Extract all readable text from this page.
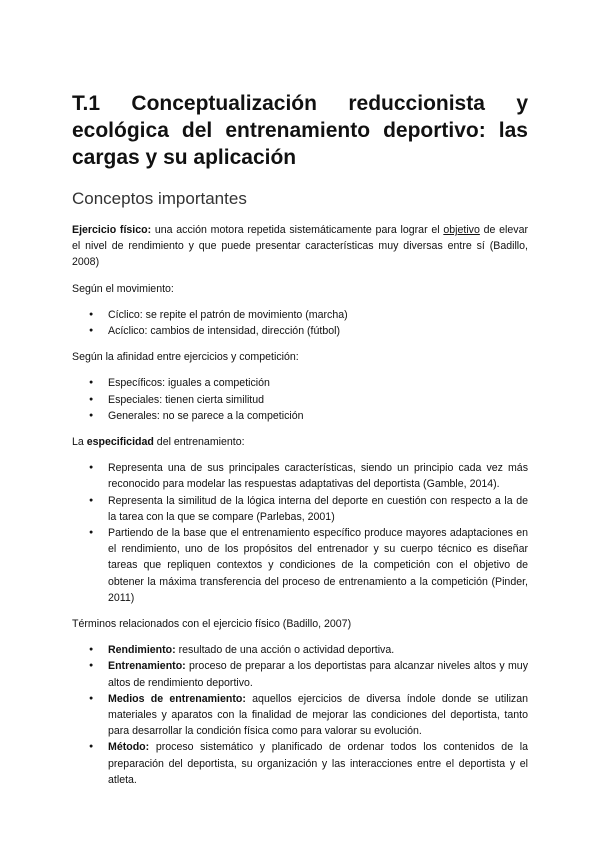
T.1 Conceptualización reduccionista y ecológica del entrenamiento deportivo: las cargas y su aplicación
Conceptos importantes

Ejercicio físico: una acción motora repetida sistemáticamente para lograr el objetivo de elevar el nivel de rendimiento y que puede presentar características muy diversas entre sí (Badillo, 2008)

Según el movimiento:

● Cíclico: se repite el patrón de movimiento (marcha)
● Acíclico: cambios de intensidad, dirección (fútbol)

Según la afinidad entre ejercicios y competición:

● Específicos: iguales a competición
● Especiales: tienen cierta similitud
● Generales: no se parece a la competición

La especificidad del entrenamiento:

● Representa una de sus principales características, siendo un principio cada vez más reconocido para modelar las respuestas adaptativas del deportista (Gamble, 2014).
● Representa la similitud de la lógica interna del deporte en cuestión con respecto a la de la tarea con la que se compare (Parlebas, 2001)
● Partiendo de la base que el entrenamiento específico produce mayores adaptaciones en el rendimiento, uno de los propósitos del entrenador y su cuerpo técnico es diseñar tareas que repliquen contextos y condiciones de la competición con el objetivo de obtener la máxima transferencia del proceso de entrenamiento a la competición (Pinder, 2011)

Términos relacionados con el ejercicio físico (Badillo, 2007)

● Rendimiento: resultado de una acción o actividad deportiva.
● Entrenamiento: proceso de preparar a los deportistas para alcanzar niveles altos y muy altos de rendimiento deportivo.
● Medios de entrenamiento: aquellos ejercicios de diversa índole donde se utilizan materiales y aparatos con la finalidad de mejorar las condiciones del deportista, tanto para desarrollar la condición física como para valorar su evolución.
● Método: proceso sistemático y planificado de ordenar todos los contenidos de la preparación del deportista, su organización y las interacciones entre el deportista y el atleta.
